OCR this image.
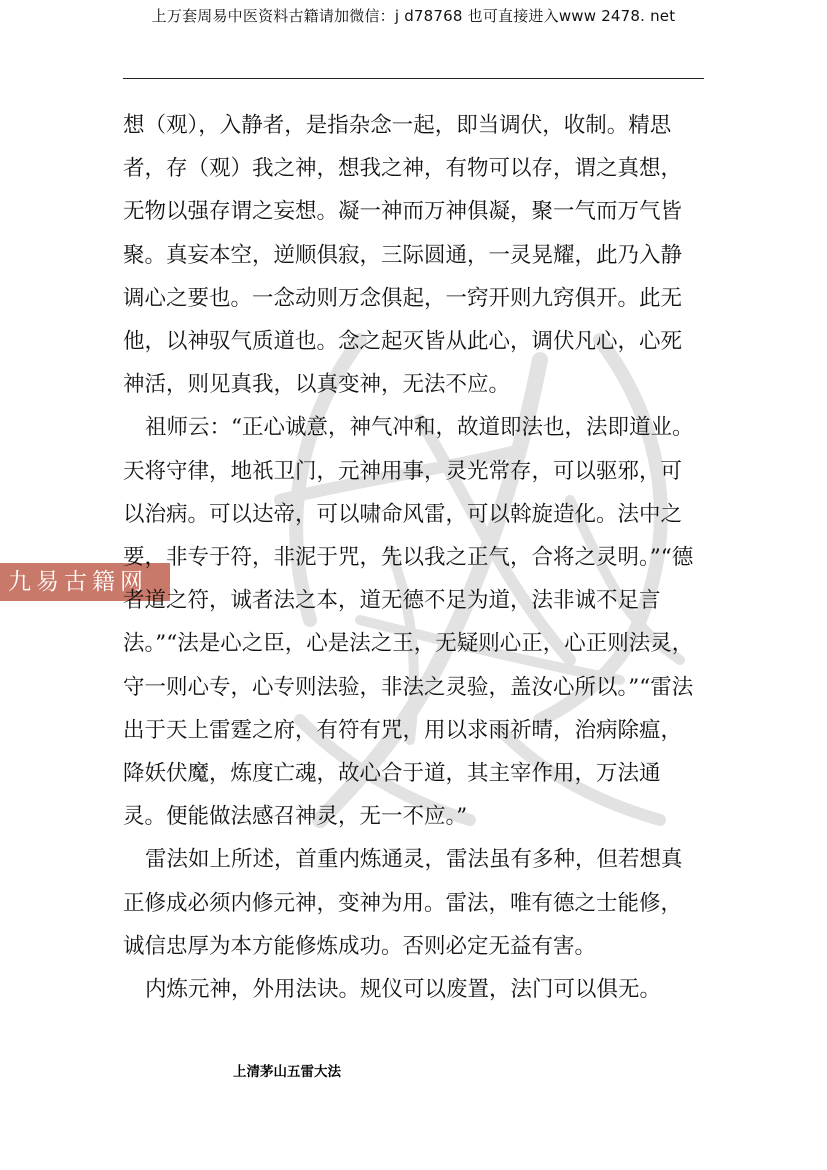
上万套周易中医资料古籍请加微信：j d78768 也可直接进入www 2478. net
九易古籍网

想（观），入静者，是指杂念一起，即当调伏，收制。精思者，存（观）我之神，想我之神，有物可以存，谓之真想，无物以强存谓之妄想。凝一神而万神俱凝，聚一气而万气皆聚。真妄本空，逆顺俱寂，三际圆通，一灵晃耀，此乃入静调心之要也。一念动则万念俱起，一窍开则九窍俱开。此无他，以神驭气质道也。念之起灭皆从此心，调伏凡心，心死神活，则见真我，以真变神，无法不应。

祖师云：“正心诚意，神气冲和，故道即法也，法即道业。天将守律，地祇卫门，元神用事，灵光常存，可以驱邪，可以治病。可以达帝，可以啸命风雷，可以斡旋造化。法中之要，非专于符，非泥于咒，先以我之正气，合将之灵明。”“德者道之符，诚者法之本，道无德不足为道，法非诚不足言法。”“法是心之臣，心是法之王，无疑则心正，心正则法灵，守一则心专，心专则法验，非法之灵验，盖汝心所以。”“雷法出于天上雷霆之府，有符有咒，用以求雨祈晴，治病除瘟，降妖伏魔，炼度亡魂，故心合于道，其主宰作用，万法通灵。便能做法感召神灵，无一不应。”

雷法如上所述，首重内炼通灵，雷法虽有多种，但若想真正修成必须内修元神，变神为用。雷法，唯有德之士能修，诚信忠厚为本方能修炼成功。否则必定无益有害。

内炼元神，外用法诀。规仪可以废置，法门可以俱无。

上清茅山五雷大法
